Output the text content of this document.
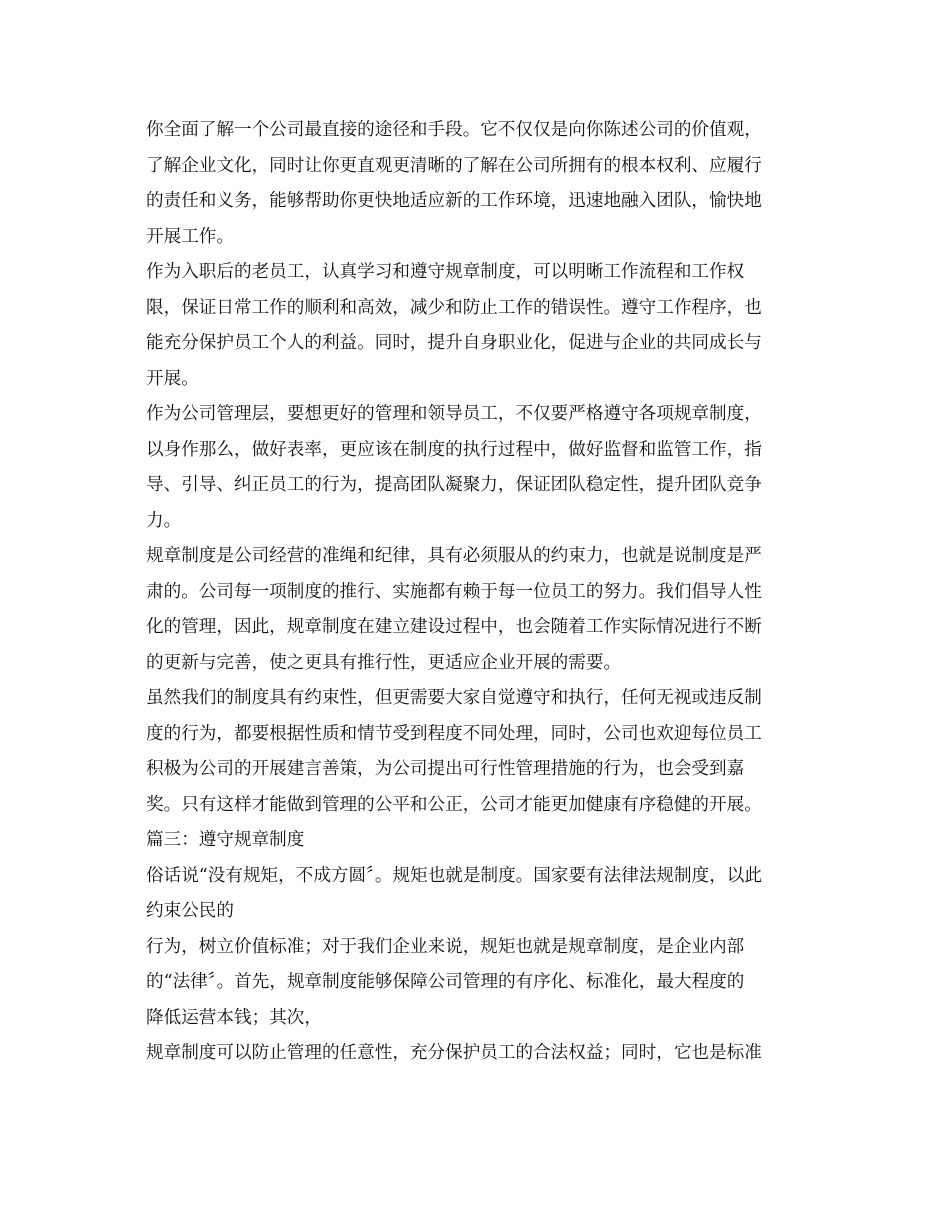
你全面了解一个公司最直接的途径和手段。它不仅仅是向你陈述公司的价值观，
了解企业文化，同时让你更直观更清晰的了解在公司所拥有的根本权利、应履行
的责任和义务，能够帮助你更快地适应新的工作环境，迅速地融入团队，愉快地
开展工作。
作为入职后的老员工，认真学习和遵守规章制度，可以明晰工作流程和工作权
限，保证日常工作的顺利和高效，减少和防止工作的错误性。遵守工作程序，也
能充分保护员工个人的利益。同时，提升自身职业化，促进与企业的共同成长与
开展。
作为公司管理层，要想更好的管理和领导员工，不仅要严格遵守各项规章制度，
以身作那么，做好表率，更应该在制度的执行过程中，做好监督和监管工作，指
导、引导、纠正员工的行为，提高团队凝聚力，保证团队稳定性，提升团队竞争
力。
规章制度是公司经营的准绳和纪律，具有必须服从的约束力，也就是说制度是严
肃的。公司每一项制度的推行、实施都有赖于每一位员工的努力。我们倡导人性
化的管理，因此，规章制度在建立建设过程中，也会随着工作实际情况进行不断
的更新与完善，使之更具有推行性，更适应企业开展的需要。
虽然我们的制度具有约束性，但更需要大家自觉遵守和执行，任何无视或违反制
度的行为，都要根据性质和情节受到程度不同处理，同时，公司也欢迎每位员工
积极为公司的开展建言善策，为公司提出可行性管理措施的行为，也会受到嘉
奖。只有这样才能做到管理的公平和公正，公司才能更加健康有序稳健的开展。
篇三：遵守规章制度
俗话说“没有规矩，不成方圆〞。规矩也就是制度。国家要有法律法规制度，以此
约束公民的
行为，树立价值标准；对于我们企业来说，规矩也就是规章制度，是企业内部
的“法律〞。首先，规章制度能够保障公司管理的有序化、标准化，最大程度的
降低运营本钱；其次，
规章制度可以防止管理的任意性，充分保护员工的合法权益；同时，它也是标准
